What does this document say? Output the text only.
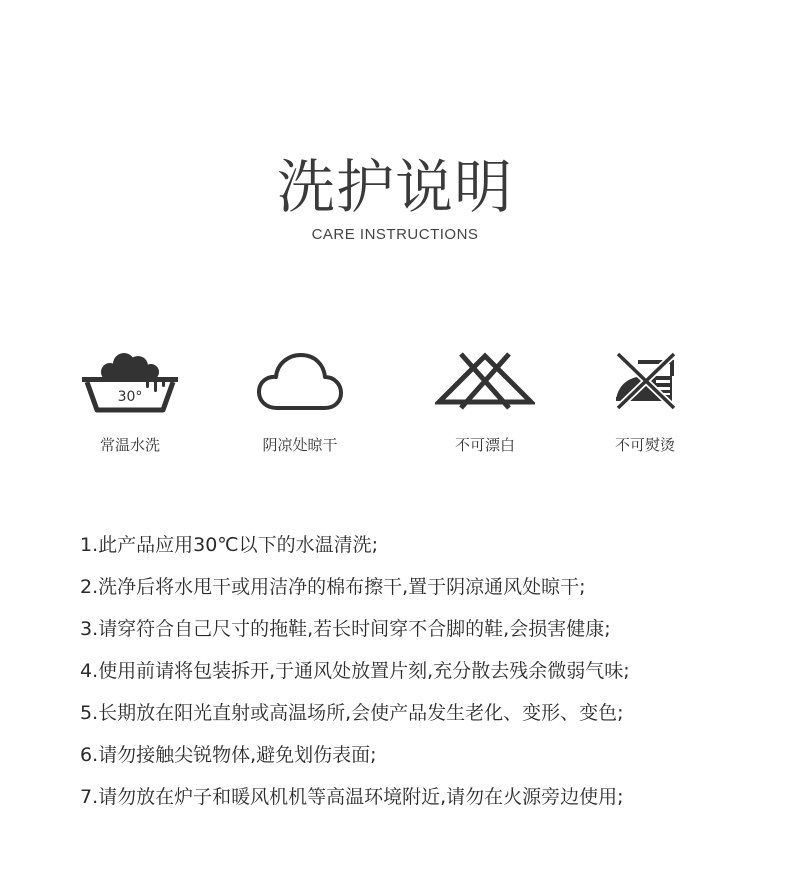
洗护说明
CARE INSTRUCTIONS
30°
常温水洗	阴凉处晾干	不可漂白	不可熨烫
1.此产品应用30℃以下的水温清洗;
2.洗净后将水甩干或用洁净的棉布擦干,置于阴凉通风处晾干;
3.请穿符合自己尺寸的拖鞋,若长时间穿不合脚的鞋,会损害健康;
4.使用前请将包装拆开,于通风处放置片刻,充分散去残余微弱气味;
5.长期放在阳光直射或高温场所,会使产品发生老化、变形、变色;
6.请勿接触尖锐物体,避免划伤表面;
7.请勿放在炉子和暖风机机等高温环境附近,请勿在火源旁边使用;
